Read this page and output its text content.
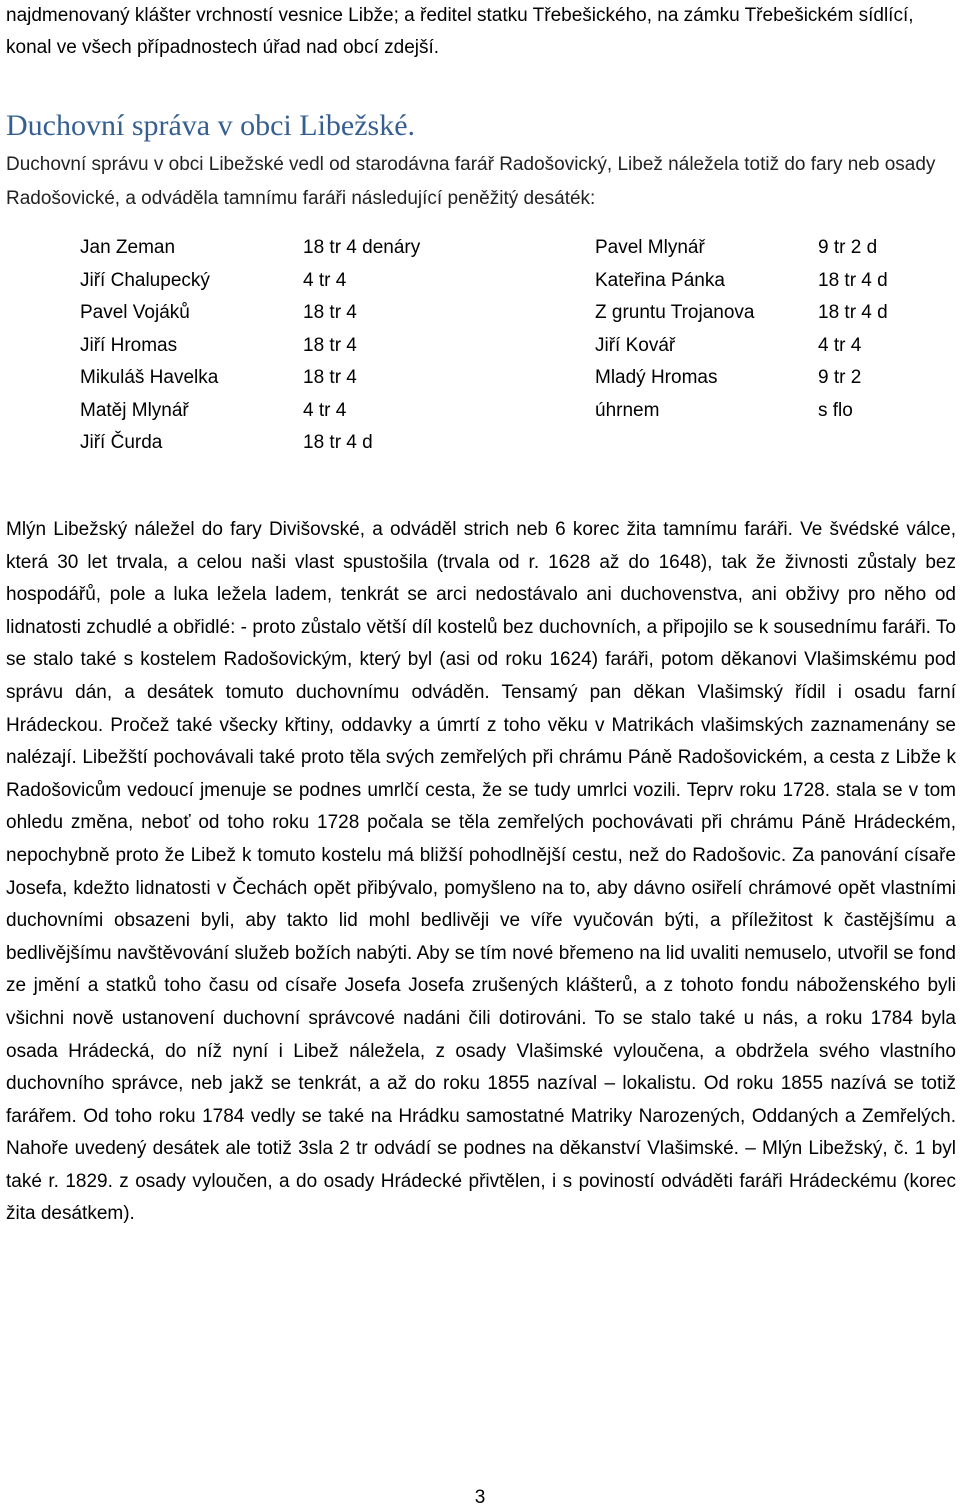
najdmenovaný klášter vrchností vesnice Libže; a ředitel statku Třebešického, na zámku Třebešickém sídlící, konal ve všech případnostech úřad nad obcí zdejší.

Duchovní správa v obci Libežské.

Duchovní správu v obci Libežské vedl od starodávna farář Radošovický, Libež náležela totiž do fary neb osady Radošovické, a odváděla tamnímu faráři následující peněžitý desáték:

Jan Zeman	18 tr 4 denáry	Pavel Mlynář	9 tr 2 d
Jiří Chalupecký	4 tr 4	Kateřina Pánka	18 tr 4 d
Pavel Vojáků	18 tr 4	Z gruntu Trojanova	18 tr 4 d
Jiří Hromas	18 tr 4	Jiří Kovář	4 tr 4
Mikuláš Havelka	18 tr 4	Mladý Hromas	9 tr 2
Matěj Mlynář	4 tr 4	úhrnem	s flo
Jiří Čurda	18 tr 4 d

Mlýn Libežský náležel do fary Divišovské, a odváděl strich neb 6 korec žita tamnímu faráři. Ve švédské válce, která 30 let trvala, a celou naši vlast spustošila (trvala od r. 1628 až do 1648), tak že živnosti zůstaly bez hospodářů, pole a luka ležela ladem, tenkrát se arci nedostávalo ani duchovenstva, ani obživy pro něho od lidnatosti zchudlé a obřidlé: - proto zůstalo větší díl kostelů bez duchovních, a připojilo se k sousednímu faráři. To se stalo také s kostelem Radošovickým, který byl (asi od roku 1624) faráři, potom děkanovi Vlašimskému pod správu dán, a desátek tomuto duchovnímu odváděn. Tensamý pan děkan Vlašimský řídil i osadu farní Hrádeckou. Pročež také všecky křtiny, oddavky a úmrtí z toho věku v Matrikách vlašimských zaznamenány se nalézají. Libežští pochovávali také proto těla svých zemřelých při chrámu Páně Radošovickém, a cesta z Libže k Radošovicům vedoucí jmenuje se podnes umrlčí cesta, že se tudy umrlci vozili. Teprv roku 1728. stala se v tom ohledu změna, neboť od toho roku 1728 počala se těla zemřelých pochovávati při chrámu Páně Hrádeckém, nepochybně proto že Libež k tomuto kostelu má bližší pohodlnější cestu, než do Radošovic. Za panování císaře Josefa, kdežto lidnatosti v Čechách opět přibývalo, pomyšleno na to, aby dávno osiřelí chrámové opět vlastními duchovními obsazeni byli, aby takto lid mohl bedlivěji ve víře vyučován býti, a příležitost k častějšímu a bedlivějšímu navštěvování služeb božích nabýti. Aby se tím nové břemeno na lid uvaliti nemuselo, utvořil se fond ze jmění a statků toho času od císaře Josefa Josefa zrušených klášterů, a z tohoto fondu náboženského byli všichni nově ustanovení duchovní správcové nadáni čili dotirováni. To se stalo také u nás, a roku 1784 byla osada Hrádecká, do níž nyní i Libež náležela, z osady Vlašimské vyloučena, a obdržela svého vlastního duchovního správce, neb jakž se tenkrát, a až do roku 1855 nazíval – lokalistu. Od roku 1855 nazívá se totiž farářem. Od toho roku 1784 vedly se také na Hrádku samostatné Matriky Narozených, Oddaných a Zemřelých. Nahoře uvedený desátek ale totiž 3sla 2 tr odvádí se podnes na děkanství Vlašimské. – Mlýn Libežský, č. 1 byl také r. 1829. z osady vyloučen, a do osady Hrádecké přivtělen, i s poviností odváděti faráři Hrádeckému (korec žita desátkem).

3
